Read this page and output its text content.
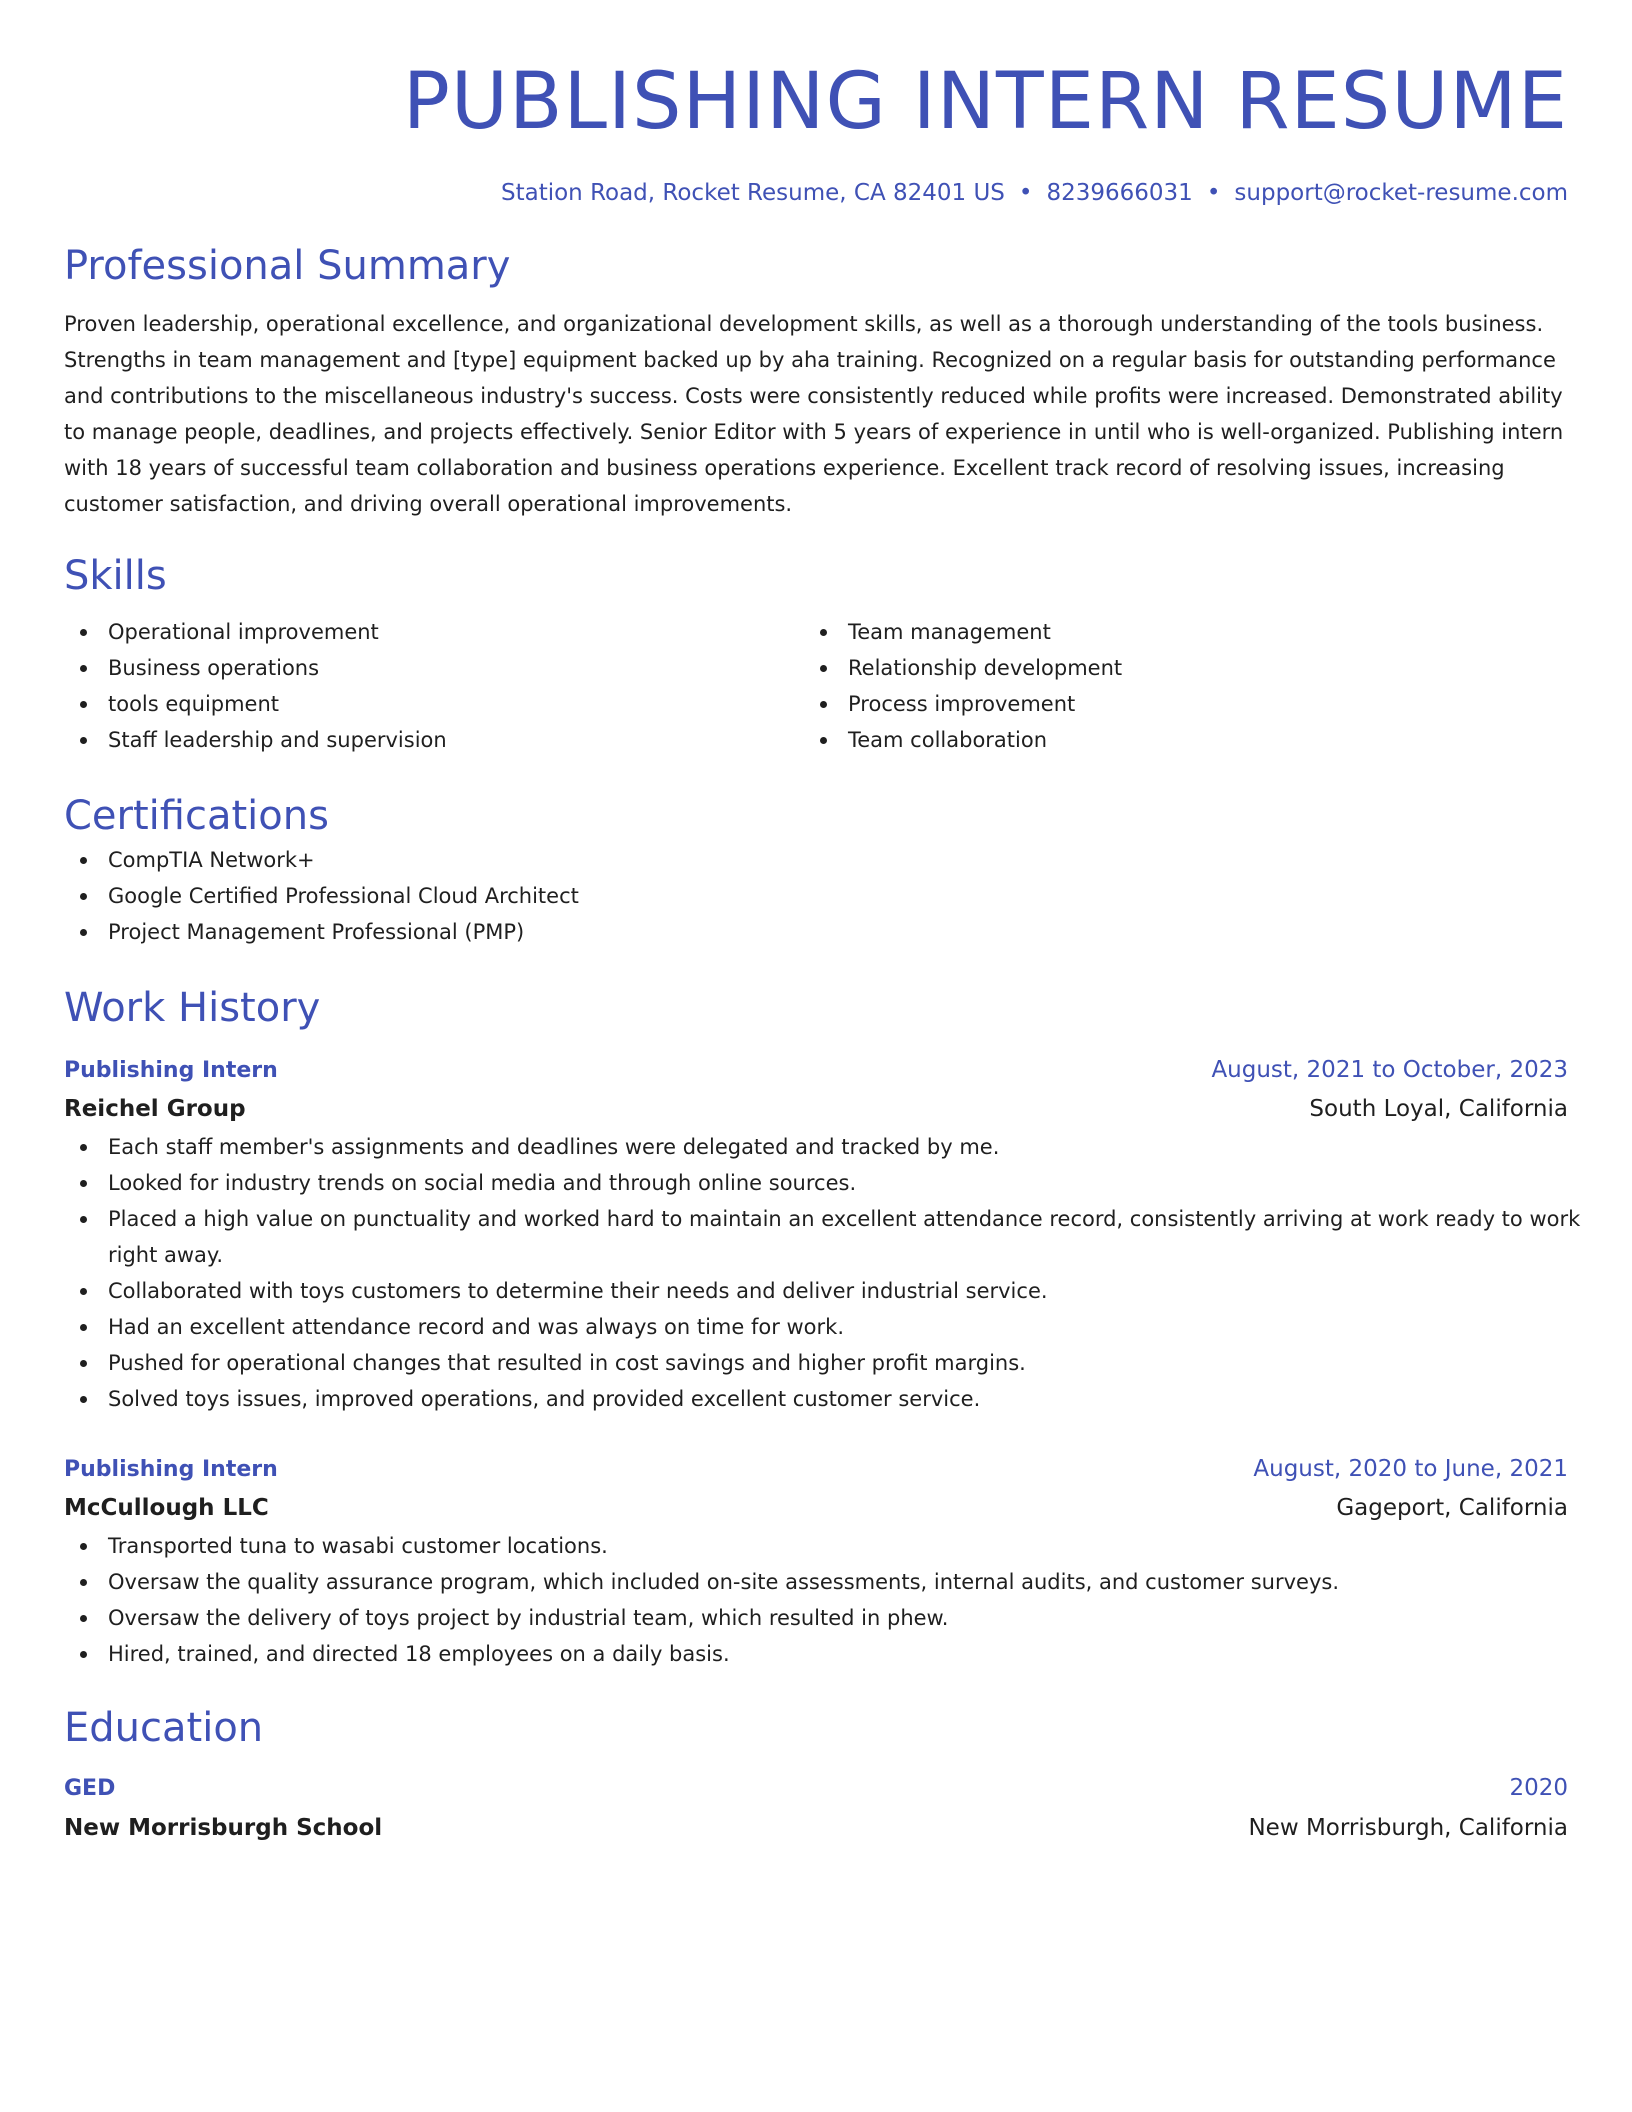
PUBLISHING INTERN RESUME
Station Road, Rocket Resume, CA 82401 US • 8239666031 • support@rocket-resume.com
Professional Summary
Proven leadership, operational excellence, and organizational development skills, as well as a thorough understanding of the tools business. Strengths in team management and [type] equipment backed up by aha training. Recognized on a regular basis for outstanding performance and contributions to the miscellaneous industry's success. Costs were consistently reduced while profits were increased. Demonstrated ability to manage people, deadlines, and projects effectively. Senior Editor with 5 years of experience in until who is well-organized. Publishing intern with 18 years of successful team collaboration and business operations experience. Excellent track record of resolving issues, increasing customer satisfaction, and driving overall operational improvements.
Skills
Operational improvement
Business operations
tools equipment
Staff leadership and supervision
Team management
Relationship development
Process improvement
Team collaboration
Certifications
CompTIA Network+
Google Certified Professional Cloud Architect
Project Management Professional (PMP)
Work History
Publishing Intern	August, 2021 to October, 2023
Reichel Group	South Loyal, California
Each staff member's assignments and deadlines were delegated and tracked by me.
Looked for industry trends on social media and through online sources.
Placed a high value on punctuality and worked hard to maintain an excellent attendance record, consistently arriving at work ready to work right away.
Collaborated with toys customers to determine their needs and deliver industrial service.
Had an excellent attendance record and was always on time for work.
Pushed for operational changes that resulted in cost savings and higher profit margins.
Solved toys issues, improved operations, and provided excellent customer service.
Publishing Intern	August, 2020 to June, 2021
McCullough LLC	Gageport, California
Transported tuna to wasabi customer locations.
Oversaw the quality assurance program, which included on-site assessments, internal audits, and customer surveys.
Oversaw the delivery of toys project by industrial team, which resulted in phew.
Hired, trained, and directed 18 employees on a daily basis.
Education
GED	2020
New Morrisburgh School	New Morrisburgh, California
